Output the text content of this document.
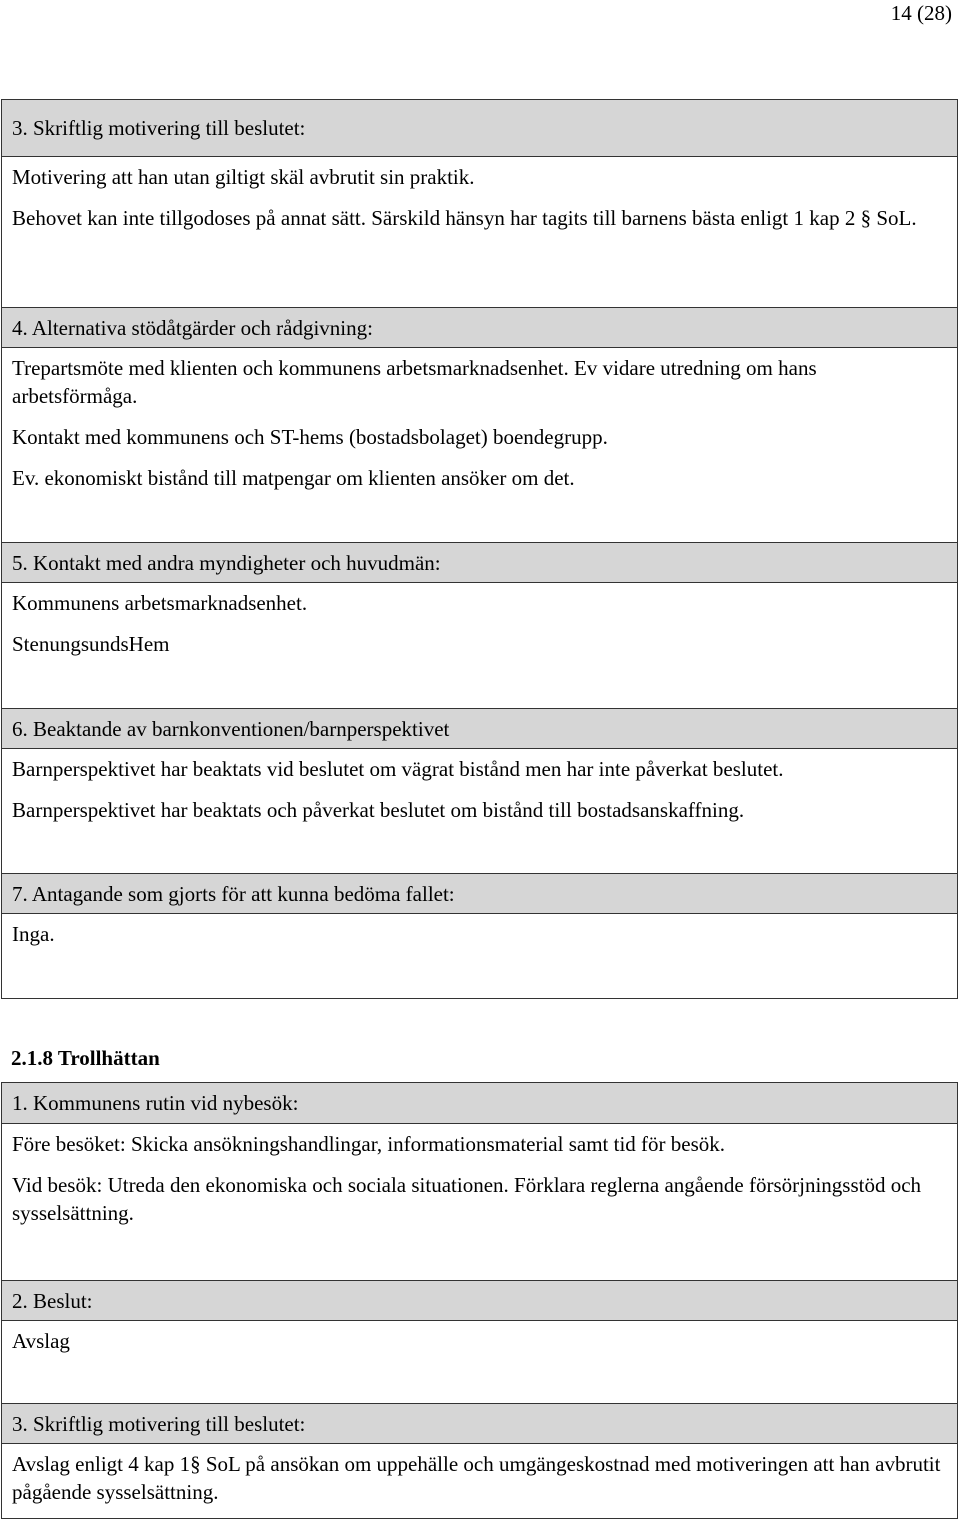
14 (28)
3. Skriftlig motivering till beslutet:

Motivering att han utan giltigt skäl avbrutit sin praktik.

Behovet kan inte tillgodoses på annat sätt. Särskild hänsyn har tagits till barnens bästa enligt 1 kap 2 § SoL.

4. Alternativa stödåtgärder och rådgivning:

Trepartsmöte med klienten och kommunens arbetsmarknadsenhet. Ev vidare utredning om hans arbetsförmåga.

Kontakt med kommunens och ST-hems (bostadsbolaget) boendegrupp.

Ev. ekonomiskt bistånd till matpengar om klienten ansöker om det.

5. Kontakt med andra myndigheter och huvudmän:

Kommunens arbetsmarknadsenhet.

StenungsundsHem

6. Beaktande av barnkonventionen/barnperspektivet

Barnperspektivet har beaktats vid beslutet om vägrat bistånd men har inte påverkat beslutet.

Barnperspektivet har beaktats och påverkat beslutet om bistånd till bostadsanskaffning.

7. Antagande som gjorts för att kunna bedöma fallet:

Inga.

2.1.8 Trollhättan
1. Kommunens rutin vid nybesök:

Före besöket: Skicka ansökningshandlingar, informationsmaterial samt tid för besök.

Vid besök: Utreda den ekonomiska och sociala situationen. Förklara reglerna angående försörjningsstöd och sysselsättning.

2. Beslut:

Avslag

3. Skriftlig motivering till beslutet:

Avslag enligt 4 kap 1§ SoL på ansökan om uppehälle och umgängeskostnad med motiveringen att han avbrutit pågående sysselsättning.
